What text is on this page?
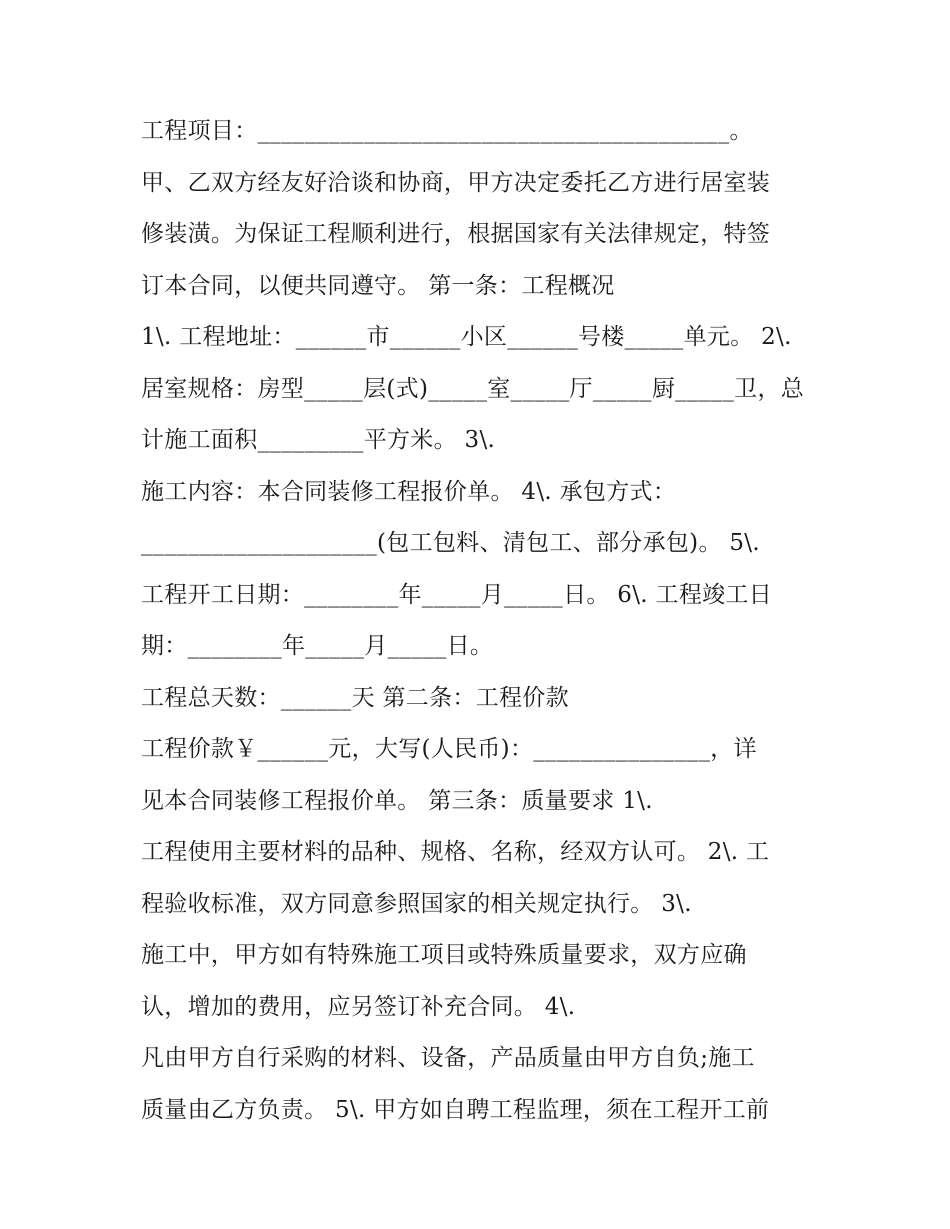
工程项目：________________________________________。
甲、乙双方经友好洽谈和协商，甲方决定委托乙方进行居室装
修装潢。为保证工程顺利进行，根据国家有关法律规定，特签
订本合同，以便共同遵守。 第一条：工程概况
1\. 工程地址：______市______小区______号楼_____单元。 2\.
居室规格：房型_____层(式)_____室_____厅_____厨_____卫，总
计施工面积_________平方米。 3\.
施工内容：本合同装修工程报价单。 4\. 承包方式：
____________________(包工包料、清包工、部分承包)。 5\.
工程开工日期：________年_____月_____日。 6\. 工程竣工日
期：________年_____月_____日。
工程总天数：______天 第二条：工程价款
工程价款￥______元，大写(人民币)：_______________，详
见本合同装修工程报价单。 第三条：质量要求 1\.
工程使用主要材料的品种、规格、名称，经双方认可。 2\. 工
程验收标准，双方同意参照国家的相关规定执行。 3\.
施工中，甲方如有特殊施工项目或特殊质量要求，双方应确
认，增加的费用，应另签订补充合同。 4\.
凡由甲方自行采购的材料、设备，产品质量由甲方自负;施工
质量由乙方负责。 5\. 甲方如自聘工程监理，须在工程开工前
